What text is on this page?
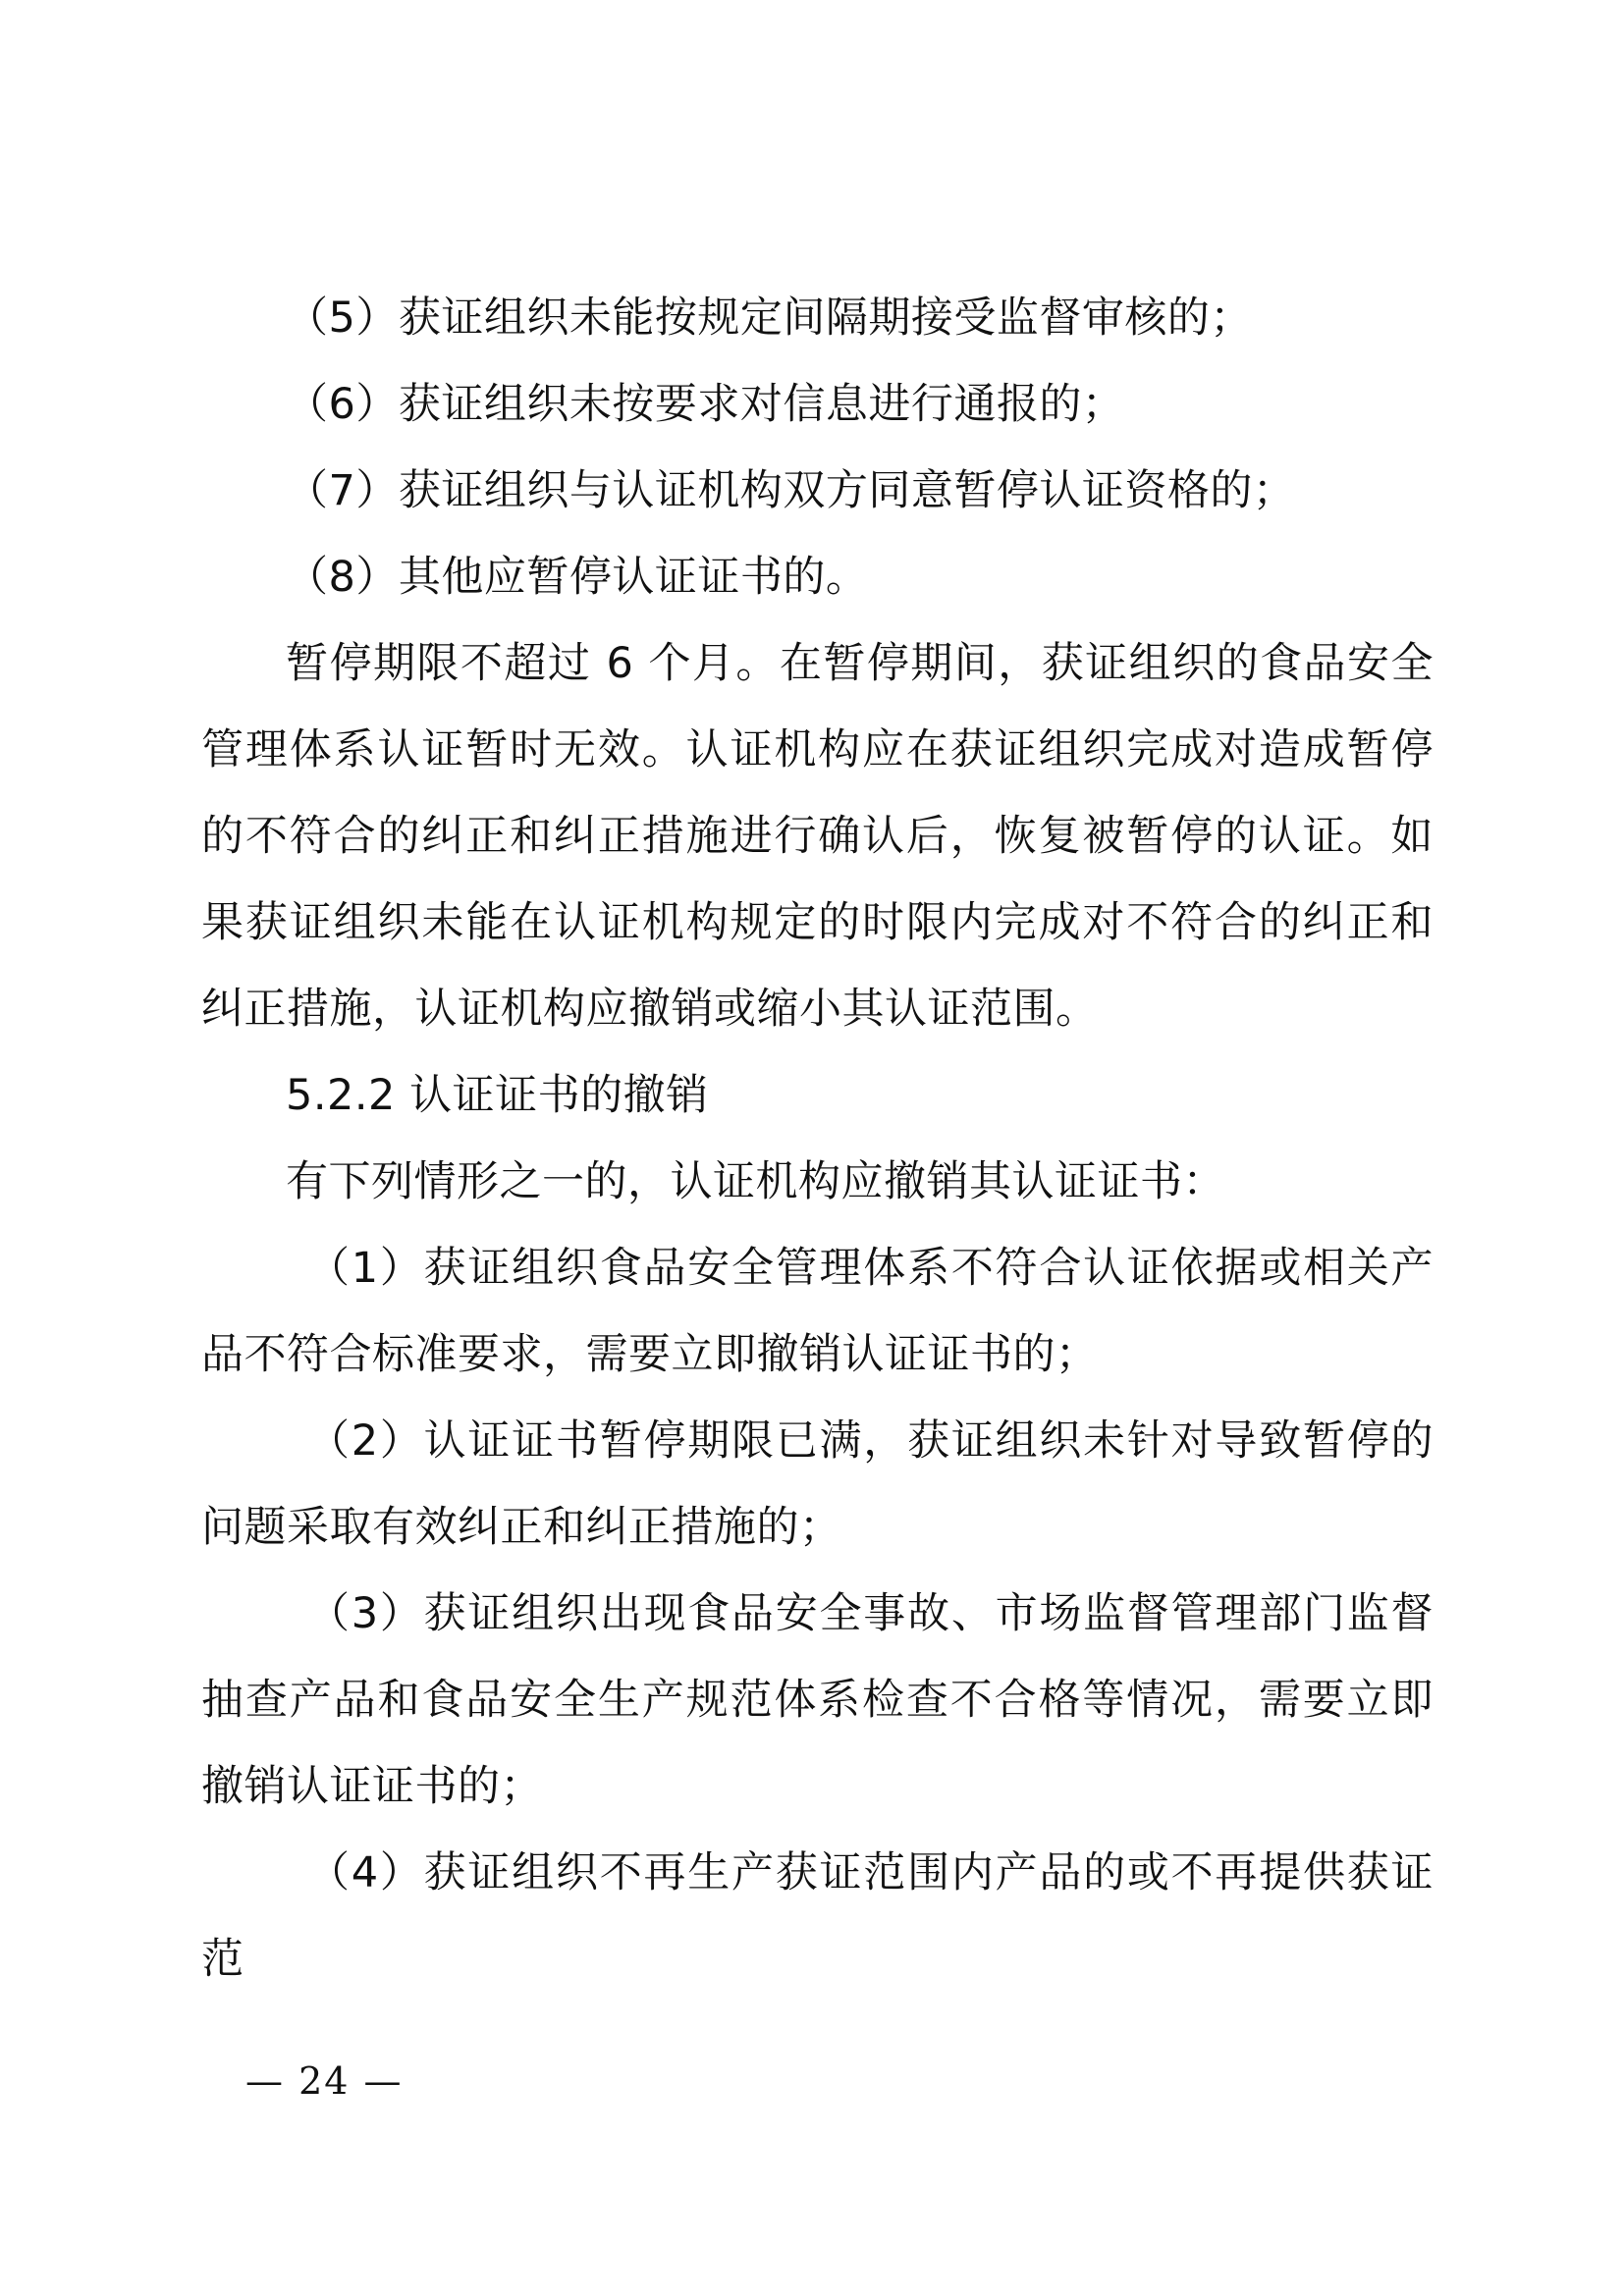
（5）获证组织未能按规定间隔期接受监督审核的；

（6）获证组织未按要求对信息进行通报的；

（7）获证组织与认证机构双方同意暂停认证资格的；

（8）其他应暂停认证证书的。

暂停期限不超过 6 个月。在暂停期间，获证组织的食品安全管理体系认证暂时无效。认证机构应在获证组织完成对造成暂停的不符合的纠正和纠正措施进行确认后，恢复被暂停的认证。如果获证组织未能在认证机构规定的时限内完成对不符合的纠正和纠正措施，认证机构应撤销或缩小其认证范围。

5.2.2 认证证书的撤销

有下列情形之一的，认证机构应撤销其认证证书：

（1）获证组织食品安全管理体系不符合认证依据或相关产品不符合标准要求，需要立即撤销认证证书的；

（2）认证证书暂停期限已满，获证组织未针对导致暂停的问题采取有效纠正和纠正措施的；

（3）获证组织出现食品安全事故、市场监督管理部门监督抽查产品和食品安全生产规范体系检查不合格等情况，需要立即撤销认证证书的；

（4）获证组织不再生产获证范围内产品的或不再提供获证范

— 24 —
